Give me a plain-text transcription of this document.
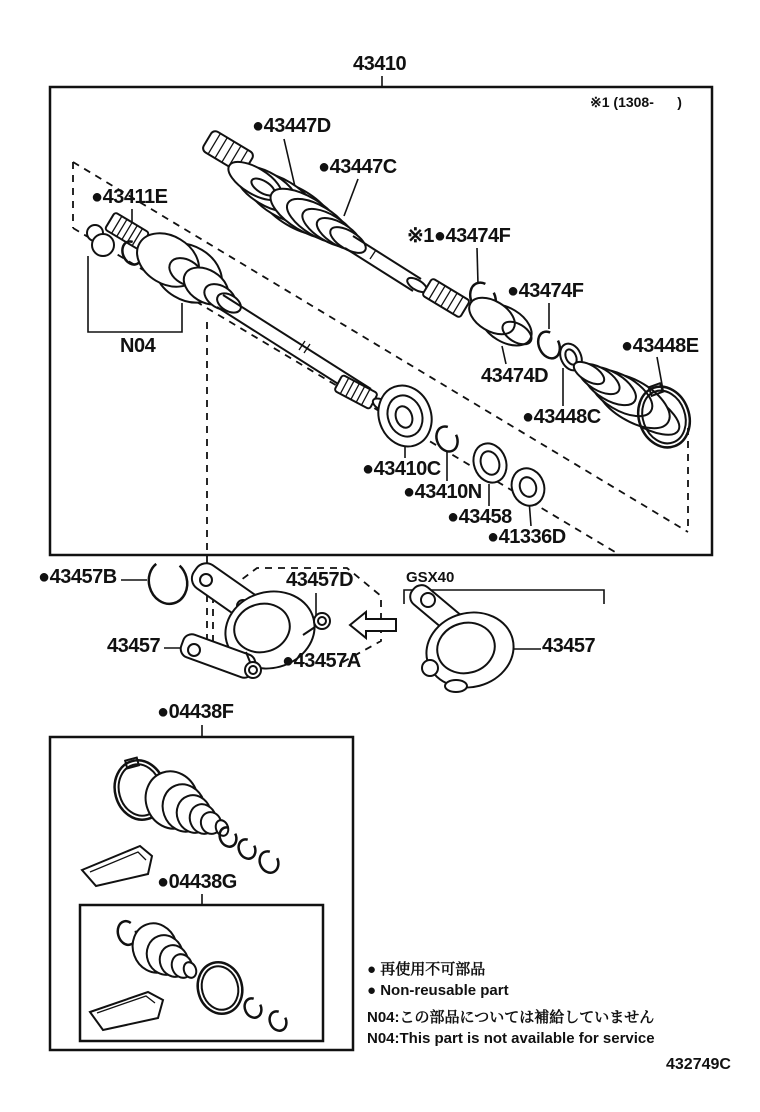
43410
※1 (1308-      )
●43447D
●43447C
●43411E
※1●43474F
●43474F
43474D
●43448E
●43448C
N04
●43410C
●43410N
●43458
●41336D
●43457B	43457D	GSX40
43457
●43457A
43457
●04438F
●04438G
● 再使用不可部品
● Non-reusable part
N04:この部品については補給していません
N04:This part is not available for service
432749C
